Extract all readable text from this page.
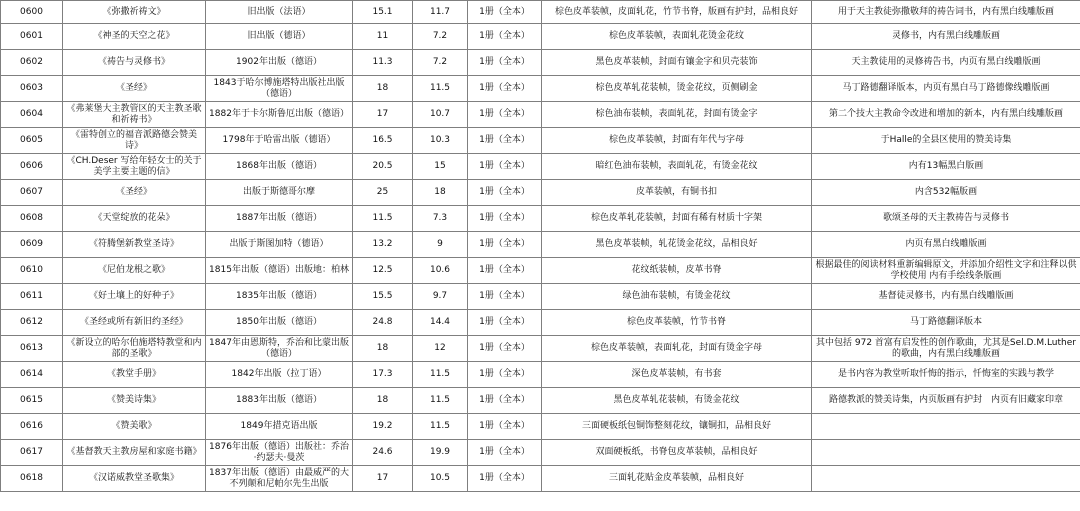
0600	《弥撒祈祷文》	旧出版（法语）	15.1	11.7	1册（全本）	棕色皮革装帧，皮面轧花，竹节书脊，版画有护封，品相良好	用于天主教徒弥撒敬拜的祷告词书，内有黑白线雕版画
0601	《神圣的天空之花》	旧出版（德语）	11	7.2	1册（全本）	棕色皮革装帧，表面轧花烫金花纹	灵修书，内有黑白线雕版画
0602	《祷告与灵修书》	1902年出版（德语）	11.3	7.2	1册（全本）	黑色皮革装帧，封面有镶金字和贝壳装饰	天主教徒用的灵修祷告书，内页有黑白线雕版画
0603	《圣经》	1843于哈尔博施塔特出版社出版（德语）	18	11.5	1册（全本）	棕色皮革轧花装帧，烫金花纹，页侧刷金	马丁路德翻译版本，内页有黑白马丁路德像线雕版画
0604	《弗莱堡大主教管区的天主教圣歌和祈祷书》	1882年于卡尔斯鲁厄出版（德语）	17	10.7	1册（全本）	棕色油布装帧，表面轧花，封面有烫金字	第二个技大主教命令改进和增加的新本，内有黑白线雕版画
0605	《雷特创立的福音派路德会赞美诗》	1798年于哈雷出版（德语）	16.5	10.3	1册（全本）	棕色皮革装帧，封面有年代与字母	于Halle的全县区使用的赞美诗集
0606	《CH.Deser 写给年轻女士的关于美学主要主题的信》	1868年出版（德语）	20.5	15	1册（全本）	暗红色油布装帧，表面轧花，有烫金花纹	内有13幅黑白版画
0607	《圣经》	出版于斯德哥尔摩	25	18	1册（全本）	皮革装帧，有铜书扣	内含532幅版画
0608	《天堂绽放的花朵》	1887年出版（德语）	11.5	7.3	1册（全本）	棕色皮革轧花装帧，封面有稀有材质十字架	歌颂圣母的天主教祷告与灵修书
0609	《符腾堡新教堂圣诗》	出版于斯图加特（德语）	13.2	9	1册（全本）	黑色皮革装帧，轧花烫金花纹，品相良好	内页有黑白线雕版画
0610	《尼伯龙根之歌》	1815年出版（德语）出版地：柏林	12.5	10.6	1册（全本）	花纹纸装帧，皮革书脊	根据最佳的阅读材料重新编辑原文，并添加介绍性文字和注释以供学校使用 内有手绘线条版画
0611	《好土壤上的好种子》	1835年出版（德语）	15.5	9.7	1册（全本）	绿色油布装帧，有烫金花纹	基督徒灵修书，内有黑白线雕版画
0612	《圣经或所有新旧约圣经》	1850年出版（德语）	24.8	14.4	1册（全本）	棕色皮革装帧，竹节书脊	马丁路德翻译版本
0613	《新设立的哈尔伯施塔特教堂和内部的圣歌》	1847年由恩斯特，乔治和比蒙出版（德语）	18	12	1册（全本）	棕色皮革装帧，表面轧花，封面有烫金字母	其中包括 972 首富有启发性的创作歌曲，尤其是Sel.D.M.Luther 的歌曲，内有黑白线雕版画
0614	《教堂手册》	1842年出版（拉丁语）	17.3	11.5	1册（全本）	深色皮革装帧，有书套	是书内容为教堂听取忏悔的指示，忏悔室的实践与教学
0615	《赞美诗集》	1883年出版（德语）	18	11.5	1册（全本）	黑色皮革轧花装帧，有烫金花纹	路德教派的赞美诗集，内页版画有护封　内页有旧藏家印章
0616	《赞美歌》	1849年措克语出版	19.2	11.5	1册（全本）	三面硬板纸包铜饰整刻花纹，镶铜扣，品相良好	
0617	《基督教天主教房屋和家庭书籍》	1876年出版（德语）出版社：乔治·约瑟夫·曼茨	24.6	19.9	1册（全本）	双面硬板纸，书脊包皮革装帧，品相良好	
0618	《汉诺威教堂圣歌集》	1837年出版（德语）由最威严的大不列颠和尼帕尔先生出版	17	10.5	1册（全本）	三面轧花贴金皮革装帧，品相良好	
